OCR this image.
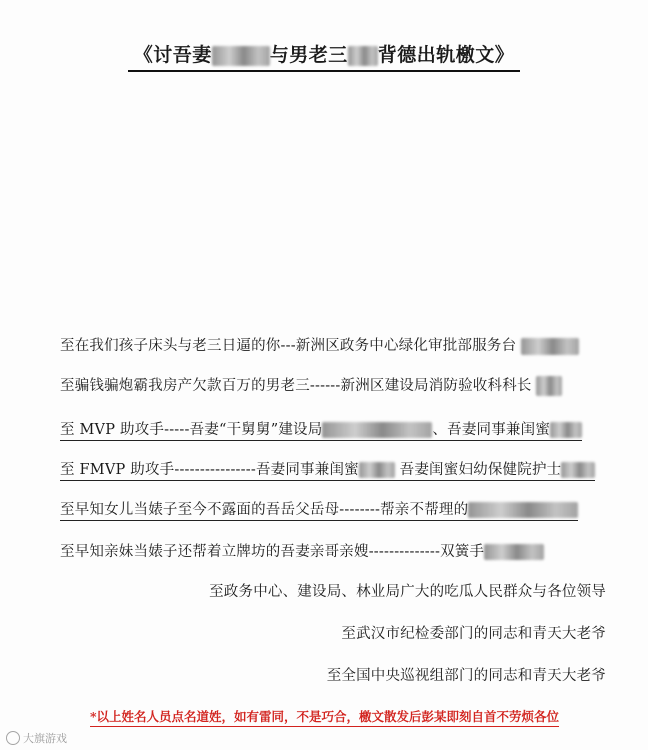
《讨吾妻	与男老三 背德出轨檄文》
至在我们孩子床头与老三日逼的你---新洲区政务中心绿化审批部服务台
至骗钱骗炮霸我房产欠款百万的男老三------新洲区建设局消防验收科科长
至 MVP 助攻手-----吾妻“干舅舅”建设局	、吾妻同事兼闺蜜
至 FMVP 助攻手----------------吾妻同事兼闺蜜	吾妻闺蜜妇幼保健院护士
至早知女儿当婊子至今不露面的吾岳父岳母--------帮亲不帮理的
至早知亲妹当婊子还帮着立牌坊的吾妻亲哥亲嫂--------------双簧手
至政务中心、建设局、林业局广大的吃瓜人民群众与各位领导
至武汉市纪检委部门的同志和青天大老爷
至全国中央巡视组部门的同志和青天大老爷
*以上姓名人员点名道姓，如有雷同，不是巧合，檄文散发后彭某即刻自首不劳烦各位
大旗游戏
